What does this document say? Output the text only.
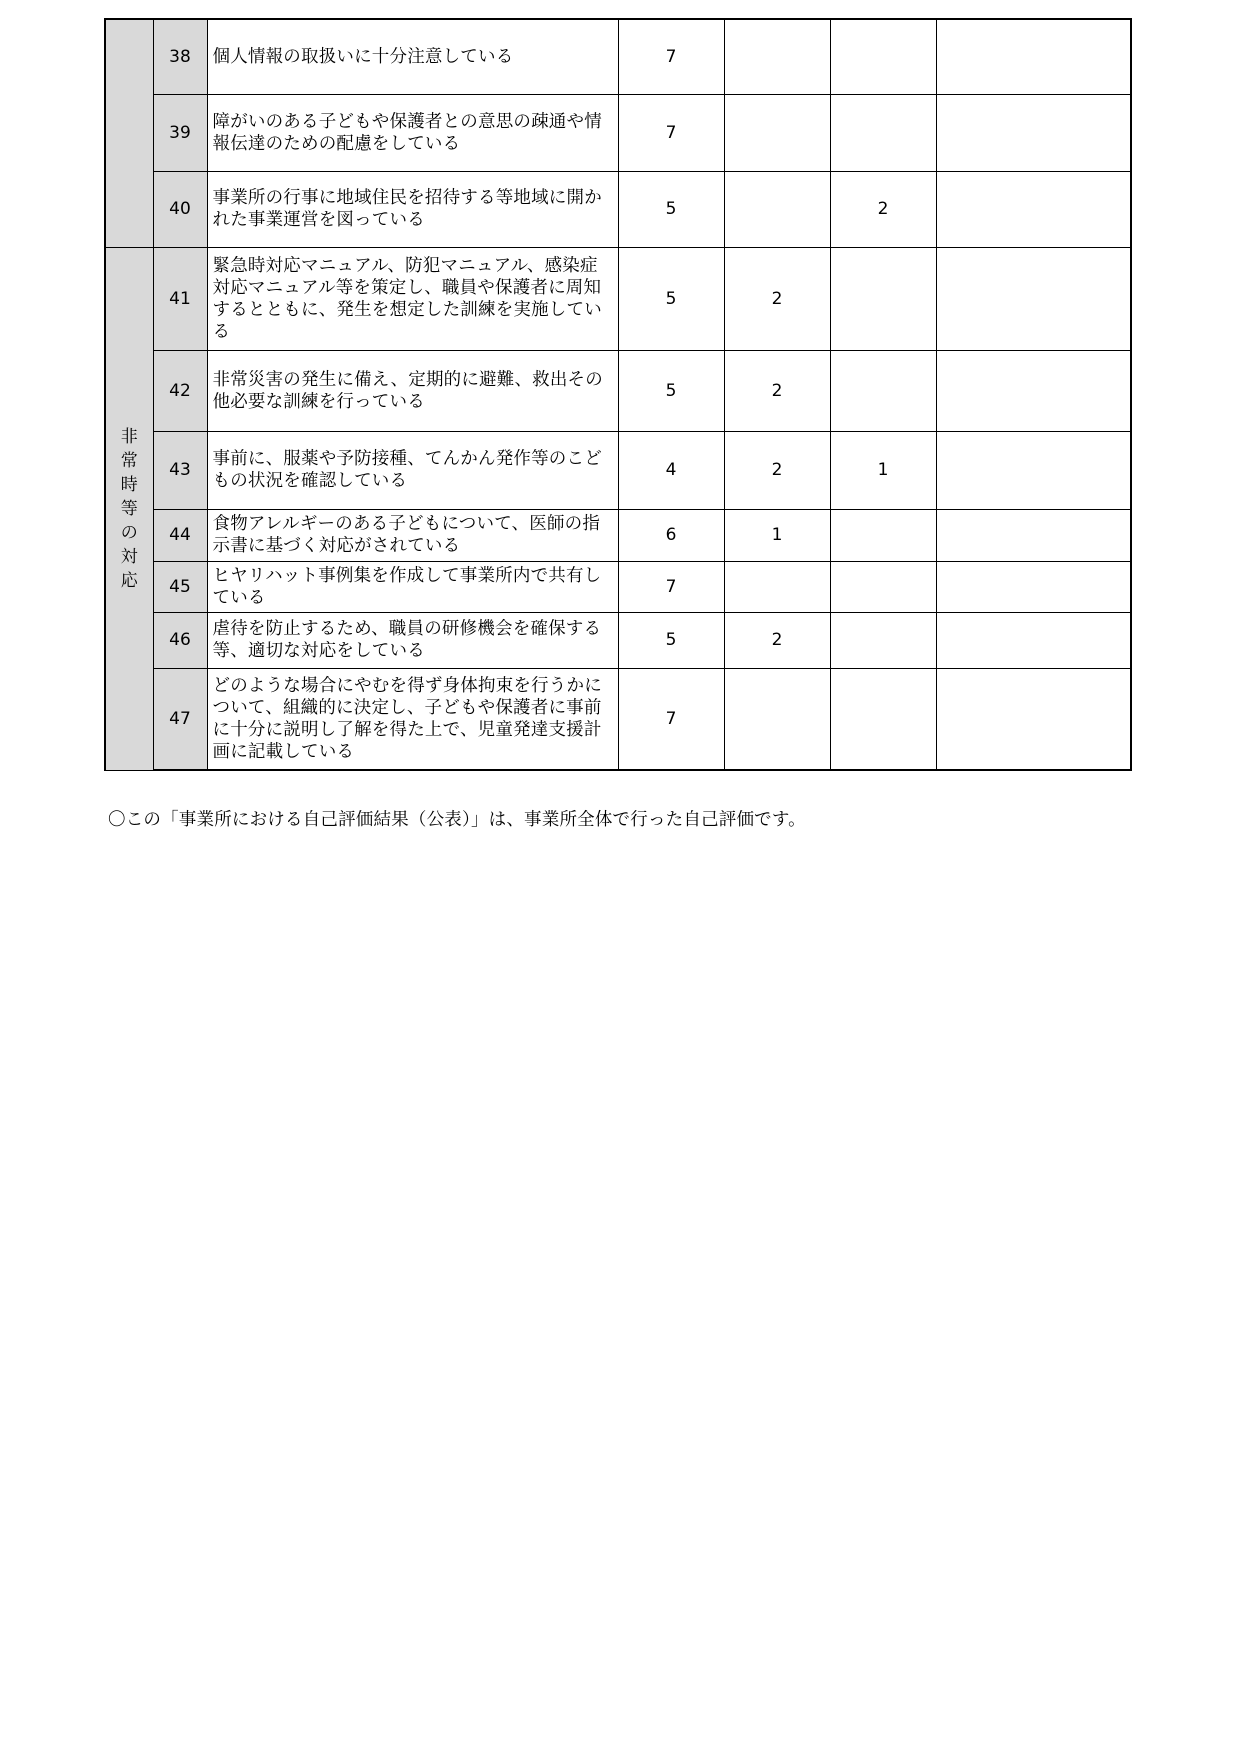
	38	個人情報の取扱いに十分注意している	7			
	39	障がいのある子どもや保護者との意思の疎通や情報伝達のための配慮をしている	7			
	40	事業所の行事に地域住民を招待する等地域に開かれた事業運営を図っている	5		2	

非常時等の対応	41	緊急時対応マニュアル、防犯マニュアル、感染症対応マニュアル等を策定し、職員や保護者に周知するとともに、発生を想定した訓練を実施している	5	2		
	42	非常災害の発生に備え、定期的に避難、救出その他必要な訓練を行っている	5	2		
	43	事前に、服薬や予防接種、てんかん発作等のこどもの状況を確認している	4	2	1	
	44	食物アレルギーのある子どもについて、医師の指示書に基づく対応がされている	6	1		
	45	ヒヤリハット事例集を作成して事業所内で共有している	7			
	46	虐待を防止するため、職員の研修機会を確保する等、適切な対応をしている	5	2		
	47	どのような場合にやむを得ず身体拘束を行うかについて、組織的に決定し、子どもや保護者に事前に十分に説明し了解を得た上で、児童発達支援計画に記載している	7			
〇この「事業所における自己評価結果（公表）」は、事業所全体で行った自己評価です。
